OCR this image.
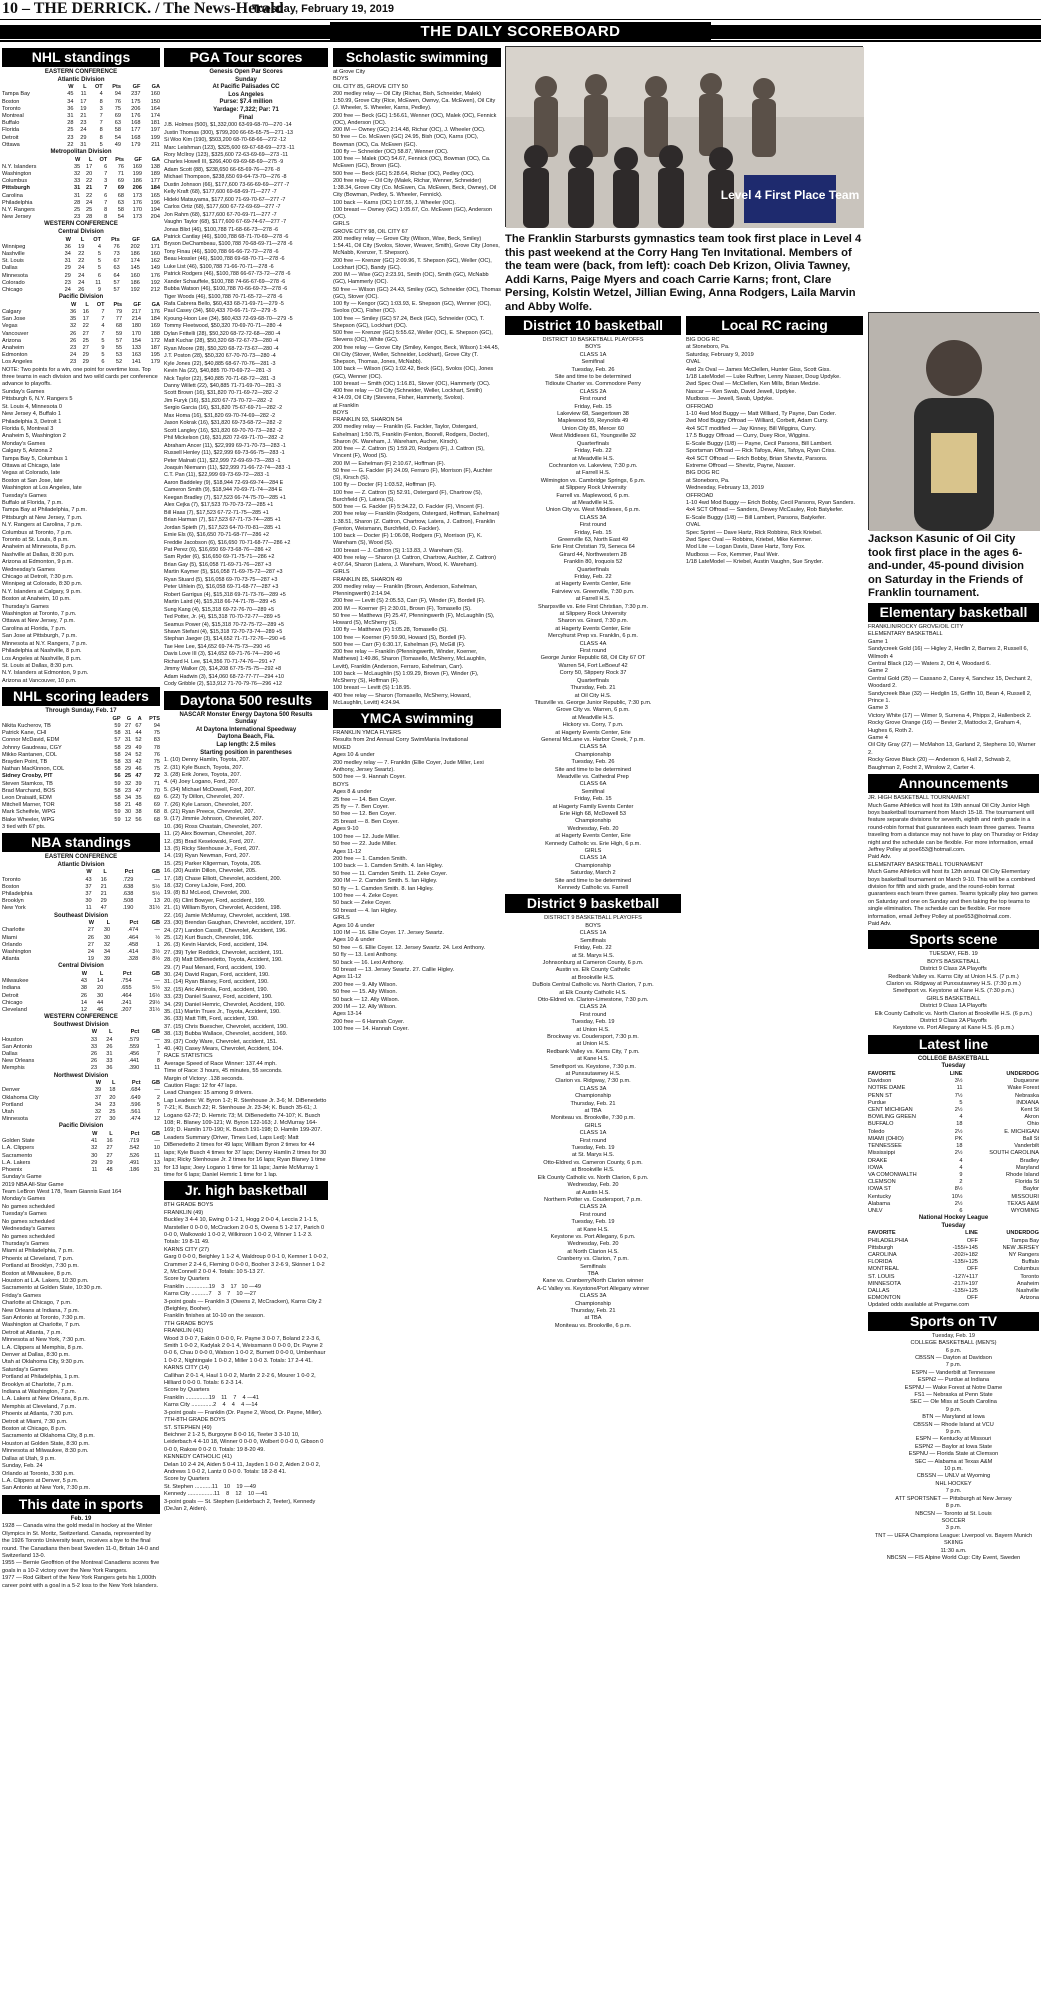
10 – THE DERRICK. / The News-Herald
Tuesday, February 19, 2019
THE DAILY SCOREBOARD
NHL standings
EASTERN CONFERENCE
Atlantic Division
	W	L	OT	Pts	GF	GA
Tampa Bay	45	11	4	94	237	160
Boston	34	17	8	76	175	150
Toronto	36	19	3	75	206	164
Montreal	31	21	7	69	176	174
Buffalo	28	23	7	63	168	181
Florida	25	24	8	58	177	197
Detroit	23	29	8	54	168	199
Ottawa	22	31	5	49	179	211
Metropolitan Division
	W	L	OT	Pts	GF	GA
N.Y. Islanders	35	17	6	76	169	138
Washington	32	20	7	71	199	189
Columbus	33	22	3	69	186	177
Pittsburgh	31	21	7	69	206	184
Carolina	31	22	6	68	173	165
Philadelphia	28	24	7	63	176	196
N.Y. Rangers	25	25	8	58	170	194
New Jersey	23	28	8	54	173	204
WESTERN CONFERENCE
Central Division
	W	L	OT	Pts	GF	GA
Winnipeg	36	19	4	76	202	171
Nashville	34	22	5	73	186	160
St. Louis	31	22	5	67	174	162
Dallas	29	24	5	63	145	149
Minnesota	29	24	6	64	160	176
Colorado	23	24	11	57	186	192
Chicago	24	26	9	57	192	212
Pacific Division
	W	L	OT	Pts	GF	GA
Calgary	36	16	7	79	217	176
San Jose	35	17	7	77	214	184
Vegas	32	22	4	68	180	169
Vancouver	26	27	7	59	170	188
Arizona	26	25	5	57	154	172
Anaheim	23	27	9	55	133	187
Edmonton	24	29	5	53	163	195
Los Angeles	23	29	6	52	141	179
NOTE: Two points for a win, one point for overtime loss. Top three teams in each division and two wild cards per conference advance to playoffs.
Sunday's Games
Pittsburgh 6, N.Y. Rangers 5
St. Louis 4, Minnesota 0
New Jersey 4, Buffalo 1
Philadelphia 3, Detroit 1
Florida 6, Montreal 3
Anaheim 5, Washington 2
Monday's Games
Calgary 5, Arizona 2
Tampa Bay 5, Columbus 1
Ottawa at Chicago, late
Vegas at Colorado, late
Boston at San Jose, late
Washington at Los Angeles, late
Tuesday's Games
Buffalo at Florida, 7 p.m.
Tampa Bay at Philadelphia, 7 p.m.
Pittsburgh at New Jersey, 7 p.m.
N.Y. Rangers at Carolina, 7 p.m.
Columbus at Toronto, 7 p.m.
Toronto at St. Louis, 8 p.m.
Anaheim at Minnesota, 8 p.m.
Nashville at Dallas, 8:30 p.m.
Arizona at Edmonton, 9 p.m.
Wednesday's Games
Chicago at Detroit, 7:30 p.m.
Winnipeg at Colorado, 8:30 p.m.
N.Y. Islanders at Calgary, 9 p.m.
Boston at Anaheim, 10 p.m.
Thursday's Games
Washington at Toronto, 7 p.m.
Ottawa at New Jersey, 7 p.m.
Carolina at Florida, 7 p.m.
San Jose at Pittsburgh, 7 p.m.
Minnesota at N.Y. Rangers, 7 p.m.
Philadelphia at Nashville, 8 p.m.
Los Angeles at Nashville, 8 p.m.
St. Louis at Dallas, 8:30 p.m.
N.Y. Islanders at Edmonton, 9 p.m.
Arizona at Vancouver, 10 p.m.
NHL scoring leaders
Through Sunday, Feb. 17
	GP	G	A	PTS
Nikita Kucherov, TB	59	27	67	94
Patrick Kane, CHI	58	31	44	75
Connor McDavid, EDM	57	31	52	83
Johnny Gaudreau, CGY	58	29	49	78
Mikko Rantanen, COL	58	24	52	76
Brayden Point, TB	58	33	42	75
Nathan MacKinnon, COL	58	29	46	75
Sidney Crosby, PIT	56	25	47	72
Steven Stamkos, TB	59	32	39	71
Brad Marchand, BOS	58	23	47	70
Leon Draisaitl, EDM	58	34	35	69
Mitchell Marner, TOR	58	21	48	69
Mark Scheifele, WPG	59	30	38	68
Blake Wheeler, WPG	59	12	56	68
3 tied with 67 pts.
NBA standings
EASTERN CONFERENCE
Atlantic Division
	W	L	Pct	GB
Toronto	43	16	.729	—
Boston	37	21	.638	5½
Philadelphia	37	21	.638	5½
Brooklyn	30	29	.508	13
New York	11	47	.190	31½
Southeast Division
	W	L	Pct	GB
Charlotte	27	30	.474	—
Miami	26	30	.464	½
Orlando	27	32	.458	1
Washington	24	34	.414	3½
Atlanta	19	39	.328	8½
Central Division
	W	L	Pct	GB
Milwaukee	43	14	.754	—
Indiana	38	20	.655	5½
Detroit	26	30	.464	16½
Chicago	14	44	.241	29½
Cleveland	12	46	.207	31½
WESTERN CONFERENCE
Southwest Division
	W	L	Pct	GB
Houston	33	24	.579	—
San Antonio	33	26	.559	1
Dallas	26	31	.456	7
New Orleans	26	33	.441	8
Memphis	23	36	.390	11
Northwest Division
	W	L	Pct	GB
Denver	39	18	.684	—
Oklahoma City	37	20	.649	2
Portland	34	23	.596	5
Utah	32	25	.561	7
Minnesota	27	30	.474	12
Pacific Division
	W	L	Pct	GB
Golden State	41	16	.719	—
L.A. Clippers	32	27	.542	10
Sacramento	30	27	.526	11
L.A. Lakers	29	29	.491	13
Phoenix	11	48	.186	31
Sunday's Game
2019 NBA All-Star Game
Team LeBron West 178, Team Giannis East 164
Monday's Games
No games scheduled
Tuesday's Games
No games scheduled
Wednesday's Games
No games scheduled
Thursday's Games
Miami at Philadelphia, 7 p.m.
Phoenix at Cleveland, 7 p.m.
Portland at Brooklyn, 7:30 p.m.
Boston at Milwaukee, 8 p.m.
Houston at L.A. Lakers, 10:30 p.m.
Sacramento at Golden State, 10:30 p.m.
Friday's Games
Charlotte at Chicago, 7 p.m.
New Orleans at Indiana, 7 p.m.
San Antonio at Toronto, 7:30 p.m.
Washington at Charlotte, 7 p.m.
Detroit at Atlanta, 7 p.m.
Minnesota at New York, 7:30 p.m.
L.A. Clippers at Memphis, 8 p.m.
Denver at Dallas, 8:30 p.m.
Utah at Oklahoma City, 9:30 p.m.
Saturday's Games
Portland at Philadelphia, 1 p.m.
Brooklyn at Charlotte, 7 p.m.
Indiana at Washington, 7 p.m.
L.A. Lakers at New Orleans, 8 p.m.
Memphis at Cleveland, 7 p.m.
Phoenix at Atlanta, 7:30 p.m.
Detroit at Miami, 7:30 p.m.
Boston at Chicago, 8 p.m.
Sacramento at Oklahoma City, 8 p.m.
Houston at Golden State, 8:30 p.m.
Minnesota at Milwaukee, 8:30 p.m.
Dallas at Utah, 9 p.m.
Sunday, Feb. 24
Orlando at Toronto, 3:30 p.m.
L.A. Clippers at Denver, 5 p.m.
San Antonio at New York, 7:30 p.m.
This date in sports
Feb. 19
1928 — Canada wins the gold medal in hockey at the Winter Olympics in St. Moritz, Switzerland. Canada, represented by the 1926 Toronto University team, receives a bye to the final round. The Canadians then beat Sweden 11-0, Britain 14-0 and Switzerland 13-0.
1955 — Bernie Geoffrion of the Montreal Canadiens scores five goals in a 10-2 victory over the New York Rangers.
1977 — Rod Gilbert of the New York Rangers gets his 1,000th career point with a goal in a 5-2 loss to the New York Islanders.
PGA Tour scores
Genesis Open Par Scores
Sunday
At Pacific Palisades CC
Los Angeles
Purse: $7.4 million
Yardage: 7,322; Par: 71
Final
J.B. Holmes (500), $1,332,000 63-69-68-70—270 -14
Justin Thomas (300), $799,200 66-65-65-75—271 -13
Si Woo Kim (190), $503,200 68-70-68-66—272 -12
Marc Leishman (123), $325,600 69-67-68-69—273 -11
Rory McIlroy (123), $325,600 72-63-69-69—273 -11
Charles Howell III, $266,400 69-69-68-69—275 -9
Adam Scott (88), $238,650 66-65-69-76—276 -8
Michael Thompson, $238,650 69-64-73-70—276 -8
Dustin Johnson (66), $177,600 73-66-69-69—277 -7
Kelly Kraft (68), $177,600 69-68-69-71—277 -7
Hideki Matsuyama, $177,600 71-69-70-67—277 -7
Carlos Ortiz (68), $177,600 67-72-69-69—277 -7
Jon Rahm (68), $177,600 67-70-69-71—277 -7
Vaughn Taylor (68), $177,600 67-69-74-67—277 -7
Jonas Blixt (46), $100,788 71-68-66-73—278 -6
Patrick Cantlay (46), $100,788 68-71-70-69—278 -6
Bryson DeChambeau, $100,788 70-68-69-71—278 -6
Tony Finau (46), $100,788 66-66-72-72—278 -6
Beau Hossler (46), $100,788 69-68-70-71—278 -6
Luke List (46), $100,788 71-66-70-71—278 -6
Patrick Rodgers (46), $100,788 66-67-73-72—278 -6
Xander Schauffele, $100,788 74-66-67-69—278 -6
Bubba Watson (46), $100,788 70-66-69-73—278 -6
Tiger Woods (46), $100,788 70-71-65-72—278 -6
Rafa Cabrera Bello, $60,433 68-71-69-71—279 -5
Paul Casey (34), $60,433 70-66-71-72—279 -5
Kyoung-Hoon Lee (34), $60,433 72-69-68-70—279 -5
Tommy Fleetwood, $50,320 70-69-70-71—280 -4
Dylan Frittelli (28), $50,320 68-72-72-68—280 -4
Matt Kuchar (28), $50,320 68-72-67-73—280 -4
Ryan Moore (28), $50,320 68-72-73-67—280 -4
J.T. Poston (28), $50,320 67-70-70-73—280 -4
Kyle Jones (22), $40,885 68-67-70-76—281 -3
Kevin Na (22), $40,885 70-70-69-72—281 -3
Nick Taylor (22), $40,885 70-71-68-72—281 -3
Danny Willett (22), $40,885 71-71-69-70—281 -3
Scott Brown (16), $31,820 70-71-69-72—282 -2
Jim Furyk (16), $31,820 67-73-70-72—282 -2
Sergio Garcia (16), $31,820 75-67-69-71—282 -2
Max Homa (16), $31,820 69-70-74-69—282 -2
Jason Kokrak (16), $31,820 69-73-68-72—282 -2
Scott Langley (16), $31,820 69-70-70-73—282 -2
Phil Mickelson (16), $31,820 72-69-71-70—282 -2
Abraham Ancer (11), $22,999 69-71-70-73—283 -1
Russell Henley (11), $22,999 69-73-66-75—283 -1
Peter Malnati (11), $22,999 72-69-69-73—283 -1
Joaquin Niemann (11), $22,999 71-66-72-74—283 -1
C.T. Pan (11), $22,999 69-73-69-72—283 -1
Aaron Baddeley (9), $18,944 72-69-69-74—284 E
Cameron Smith (9), $18,944 70-69-71-74—284 E
Keegan Bradley (7), $17,523 66-74-75-70—285 +1
Alex Cejka (7), $17,523 70-70-73-72—285 +1
Bill Haas (7), $17,523 67-72-71-75—285 +1
Brian Harman (7), $17,523 67-71-73-74—285 +1
Jordan Spieth (7), $17,523 64-70-70-81—285 +1
Ernie Els (6), $16,650 70-71-68-77—286 +2
Freddie Jacobson (6), $16,650 70-71-68-77—286 +2
Pat Perez (6), $16,650 69-73-68-76—286 +2
Sam Ryder (6), $16,650 69-71-75-71—286 +2
Brian Gay (5), $16,058 71-69-71-76—287 +3
Martin Kaymer (5), $16,058 71-69-75-72—287 +3
Ryan Stuard (5), $16,058 69-70-73-75—287 +3
Peter Uihlein (5), $16,058 69-71-68-77—287 +3
Robert Garrigus (4), $15,318 69-71-73-76—289 +5
Martin Laird (4), $15,318 66-74-71-78—289 +5
Sung Kang (4), $15,318 69-72-76-70—289 +5
Ted Potter, Jr. (4), $15,318 70-70-72-77—289 +5
Seamus Power (4), $15,318 70-72-75-72—289 +5
Shawn Stefani (4), $15,318 72-70-73-74—289 +5
Stephan Jaeger (3), $14,652 71-71-72-76—290 +6
Tae Hee Lee, $14,652 69-74-75-73—290 +6
Davis Love III (3), $14,652 69-71-76-74—290 +6
Richard H. Lee, $14,356 70-71-74-76—291 +7
Jimmy Walker (3), $14,208 67-75-75-75—292 +8
Adam Hadwin (3), $14,060 68-72-77-77—294 +10
Cody Gribble (2), $13,912 71-70-79-76—296 +12
Daytona 500 results
NASCAR Monster Energy Daytona 500 Results
Sunday
At Daytona International Speedway
Daytona Beach, Fla.
Lap length: 2.5 miles
Starting position in parentheses
1. (10) Denny Hamlin, Toyota, 207.
2. (31) Kyle Busch, Toyota, 207.
3. (28) Erik Jones, Toyota, 207.
4. (4) Joey Logano, Ford, 207.
5. (34) Michael McDowell, Ford, 207.
6. (22) Ty Dillon, Chevrolet, 207.
7. (26) Kyle Larson, Chevrolet, 207.
8. (21) Ryan Preece, Chevrolet, 207.
9. (17) Jimmie Johnson, Chevrolet, 207.
10. (36) Ross Chastain, Chevrolet, 207.
11. (2) Alex Bowman, Chevrolet, 207.
12. (35) Brad Keselowski, Ford, 207.
13. (5) Ricky Stenhouse Jr., Ford, 207.
14. (19) Ryan Newman, Ford, 207.
15. (25) Parker Kligerman, Toyota, 205.
16. (20) Austin Dillon, Chevrolet, 205.
17. (18) Chase Elliott, Chevrolet, accident, 200.
18. (32) Corey LaJoie, Ford, 200.
19. (8) BJ McLeod, Chevrolet, 200.
20. (6) Clint Bowyer, Ford, accident, 199.
21. (1) William Byron, Chevrolet, Accident, 198.
22. (16) Jamie McMurray, Chevrolet, accident, 198.
23. (30) Brendan Gaughan, Chevrolet, accident, 197.
24. (27) Landon Cassill, Chevrolet, Accident, 196.
25. (12) Kurt Busch, Chevrolet, 196.
26. (3) Kevin Harvick, Ford, accident, 194.
27. (39) Tyler Reddick, Chevrolet, accident, 191.
28. (9) Matt DiBenedetto, Toyota, Accident, 190.
29. (7) Paul Menard, Ford, accident, 190.
30. (24) David Ragan, Ford, accident, 190.
31. (14) Ryan Blaney, Ford, accident, 190.
32. (15) Aric Almirola, Ford, accident, 190.
33. (23) Daniel Suarez, Ford, accident, 190.
34. (29) Daniel Hemric, Chevrolet, Accident, 190.
35. (11) Martin Truex Jr., Toyota, Accident, 190.
36. (33) Matt Tifft, Ford, accident, 190.
37. (15) Chris Buescher, Chevrolet, accident, 190.
38. (13) Bubba Wallace, Chevrolet, accident, 169.
39. (37) Cody Ware, Chevrolet, accident, 151.
40. (40) Casey Mears, Chevrolet, Accident, 104.
RACE STATISTICS
Average Speed of Race Winner: 137.44 mph.
Time of Race: 3 hours, 45 minutes, 55 seconds.
Margin of Victory: .138 seconds.
Caution Flags: 12 for 47 laps.
Lead Changes: 15 among 9 drivers.
Lap Leaders: W. Byron 1-2; R. Stenhouse Jr. 3-6; M. DiBenedetto 7-21; K. Busch 22; R. Stenhouse Jr. 23-34; K. Busch 35-61; J. Logano 62-72; D. Hemric 73; M. DiBenedetto 74-107; K. Busch 108; R. Blaney 109-121; W. Byron 122-163; J. McMurray 164-169; D. Hamlin 170-190; K. Busch 191-198; D. Hamlin 199-207.
Leaders Summary (Driver, Times Led, Laps Led): Matt DiBenedetto 2 times for 49 laps; William Byron 2 times for 44 laps; Kyle Busch 4 times for 37 laps; Denny Hamlin 2 times for 30 laps; Ricky Stenhouse Jr. 2 times for 16 laps; Ryan Blaney 1 time for 13 laps; Joey Logano 1 time for 11 laps; Jamie McMurray 1 time for 6 laps; Daniel Hemric 1 time for 1 lap.
Jr. high basketball
8TH GRADE BOYS
FRANKLIN (49)
Buckley 3 4-4 10, Ewing 0 1-2 1, Hogg 2 0-0 4, Leccia 2 1-1 5, Marsteller 0 0-0 0, McCracken 2 0-0 5, Owens 5 1-2 17, Parich 0 0-0 0, Walkowski 1 0-0 2, Wilkinson 1 0-0 2, Winner 1 1-2 3. Totals: 19 8-11 49.
KARNS CITY (27)
Garg 0 0-0 0, Beighley 1 1-2 4, Waldroup 0 0-1 0, Kemner 1 0-0 2, Crammer 2 2-4 6, Fleming 0 0-0 0, Booher 3 2-6 9, Skinner 1 0-2 2, McConnell 2 0-0 4. Totals: 10 5-13 27.
Score by Quarters
Franklin ...............19    3    17   10 —49
Karns City ...........7    3    7    10 —27
3-point goals — Franklin 3 (Owens 2, McCracken), Karns City 2 (Beighley, Booher).
Franklin finishes at 10-10 on the season.
7TH GRADE BOYS
FRANKLIN (41)
Wood 3 0-0 7, Eakin 0 0-0 0, Fr. Payne 3 0-0 7, Boland 2 2-3 6, Smith 1 0-0 2, Kadylak 2 0-1 4, Weissmann 0 0-0 0, Dr. Payne 2 0-0 6, Chau 0 0-0 0, Watson 1 0-0 2, Burnett 0 0-0 0, Umbenhaur 1 0-0 2, Nightingale 1 0-0 2, Miller 1 0-0 3. Totals: 17 2-4 41.
KARNS CITY (14)
Callihan 2 0-1 4, Haul 1 0-0 2, Martin 2 2-2 6, Mourer 1 0-0 2, Hilliard 0 0-0 0. Totals: 6 2-3 14.
Score by Quarters
Franklin ...............19    11    7    4 —41
Karns City ..............2    4    4    4 —14
3-point goals — Franklin (Dr. Payne 2, Wood, Dr. Payne, Miller).
7TH-8TH GRADE BOYS
ST. STEPHEN (49)
Beichner 2 1-2 5, Burgoyne 8 0-0 16, Teeter 3 3-10 10, Leiderbach 4 4-10 18, Winner 0 0-0 0, Wolbert 0 0-0 0, Gibson 0 0-0 0, Rakow 0 0-2 0. Totals: 19 8-20 49.
KENNEDY CATHOLIC (41)
Delan 10 2-4 24, Aiden 5 0-4 11, Jayden 1 0-0 2, Aiden 2 0-0 2, Andrews 1 0-0 2, Lantz 0 0-0 0. Totals: 18 2-8 41.
Score by Quarters
St. Stephen ...........11    10    19 —49
Kennedy .................11    8    12    10 —41
3-point goals — St. Stephen (Leiderbach 2, Teeter), Kennedy (DeJan 2, Aiden).
Scholastic swimming
at Grove City
BOYS
OIL CITY 85, GROVE CITY 50
200 medley relay — Oil City (Richar, Bish, Schneider, Malek) 1:50.99, Grove City (Rice, McEwen, Ownvy, Ca. McEwen), Oil City (J. Wheeler, S. Wheeler, Karns, Pedley).
200 free — Beck (GC) 1:56.61, Wenner (OC), Malek (OC), Fennick (OC), Anderson (OC).
200 IM — Owney (GC) 2:14.48, Richar (OC), J. Wheeler (OC).
50 free — Co. McEwen (GC) 24.95, Bish (OC), Karns (OC), Bowman (OC), Ca. McEwen (GC).
100 fly — Schneider (OC) 58.87, Wenner (OC).
100 free — Malek (OC) 54.67, Fennick (OC), Bowman (OC), Ca. McEwen (GC), Brown (GC).
500 free — Beck (GC) 5:28.64, Richar (OC), Pedley (OC).
200 free relay — Oil City (Malek, Richar, Wenner, Schneider) 1:38.34, Grove City (Co. McEwen, Ca. McEwen, Beck, Owney), Oil City (Bowman, Pedley, S. Wheeler, Fennick).
100 back — Karns (OC) 1:07.55, J. Wheeler (OC).
100 breast — Owney (GC) 1:05.67, Co. McEwen (GC), Anderson (OC).
GIRLS
GROVE CITY 98, OIL CITY 67
200 medley relay — Grove City (Wilson, Wise, Beck, Smiley) 1:54.41, Oil City (Svolos, Stover, Weaver, Smith), Grove City (Jones, McNabb, Krenzer, T. Shepson).
200 free — Krenzer (GC) 2:09.96, T. Shepson (GC), Weller (OC), Lockhart (OC), Bandy (GC).
200 IM — Wise (GC) 2:23.91, Smith (OC), Smith (GC), McNabb (GC), Hammerly (OC).
50 free — Wilson (GC) 24.43, Smiley (GC), Schneider (OC), Thomas (GC), Stover (OC).
100 fly — Kengor (GC) 1:03.93, E. Shepson (GC), Wenner (OC), Svolos (OC), Fisher (OC).
100 free — Smiley (GC) 57.24, Beck (GC), Schneider (OC), T. Shepson (GC), Lockhart (OC).
500 free — Krenzer (GC) 5:55.62, Weller (OC), E. Shepson (GC), Stevens (OC), White (GC).
200 free relay — Grove City (Smiley, Kengor, Beck, Wilson) 1:44.45, Oil City (Stover, Weller, Schneider, Lockhart), Grove City (T. Shepson, Thomas, Jones, McNabb).
100 back — Wilson (GC) 1:02.42, Beck (GC), Svolos (OC), Jones (GC), Wenner (OC).
100 breast — Smith (OC) 1:16.81, Stover (OC), Hammerly (OC).
400 free relay — Oil City (Schneider, Weller, Lockhart, Smith) 4:14.09, Oil City (Stevens, Fisher, Hammerly, Svolos).
at Franklin
BOYS
FRANKLIN 93, SHARON 54
200 medley relay — Franklin (G. Fackler, Taylor, Ostergard, Eshelman) 1:50.75, Franklin (Fenton, Boorell, Rodgers, Docter), Sharon (K. Wareham, J. Wareham, Aucher, Kirsch).
200 free — Z. Cattron (S) 1:59.20, Rodgers (F), J. Cattron (S), Vincent (F), Wood (S).
200 IM — Eshelman (F) 2:10.67, Hoffman (F).
50 free — G. Fackler (F) 24.09, Ferraro (F), Morrison (F), Auchter (S), Kirsch (S).
100 fly — Docter (F) 1:03.52, Hoffman (F).
100 free — Z. Cattron (S) 52.91, Ostergard (F), Chartrow (S), Burchfield (F), Latera (S).
500 free — G. Fackler (F) 5:34.22, O. Fackler (F), Vincent (F).
200 free relay — Franklin (Rodgers, Ostergard, Hoffman, Eshelman) 1:38.51, Sharon (Z. Cattron, Chartrow, Latera, J. Cattron), Franklin (Fenton, Weismann, Burchfield, O. Fackler).
100 back — Docter (F) 1:06.08, Rodgers (F), Morrison (F), K. Wareham (S), Wood (S).
100 breast — J. Cattron (S) 1:13.83, J. Wareham (S).
400 free relay — Sharon (J. Cattron, Chartrow, Auchter, Z. Cattron) 4:07.64, Sharon (Latera, J. Wareham, Wood, K. Wareham).
GIRLS
FRANKLIN 85, SHARON 49
200 medley relay — Franklin (Brown, Anderson, Eshelman, Pfenningwerth) 2:14.94.
200 free — Levitt (S) 2:05.53, Carr (F), Winder (F), Bordell (F).
200 IM — Koerner (F) 2:30.01, Brown (F), Tomasello (S).
50 free — Matthews (F) 25.47, Pfenningwerth (F), McLaughlin (S), Howard (S), McSherry (S).
100 fly — Matthews (F) 1:05.28, Tomasello (S).
100 free — Koerner (F) 59.90, Howard (S), Bordell (F).
500 free — Carr (F) 6:30.17, Eshelman (F), McGill (F).
200 free relay — Franklin (Pfenningwerth, Winder, Koerner, Matthews) 1:49.86, Sharon (Tomasello, McSherry, McLaughlin, Levitt), Franklin (Anderson, Ferraro, Eshelman, Carr).
100 back — McLaughlin (S) 1:09.29, Brown (F), Winder (F), McSherry (S), Hoffman (F).
100 breast — Levitt (S) 1:18.95.
400 free relay — Sharon (Tomasello, McSherry, Howard, McLaughlin, Levitt) 4:24.94.
YMCA swimming
FRANKLIN YMCA FLYERS
Results from 2nd Annual Corry SwimMania Invitational
MIXED
Ages 10 & under
200 medley relay — 7. Franklin (Ellie Coyer, Jude Miller, Lexi Anthony, Jersey Swartz).
500 free — 9. Hannah Coyer.
BOYS
Ages 8 & under
25 free — 14. Ben Coyer.
25 fly — 7. Ben Coyer.
50 free — 12. Ben Coyer.
25 breast — 8. Ben Coyer.
Ages 9-10
100 free — 12. Jude Miller.
50 free — 22. Jude Miller.
Ages 11-12
200 free — 1. Camden Smith.
100 back — 1. Camden Smith. 4. Ian Higley.
50 free — 11. Camden Smith. 11. Zeke Coyer.
200 IM — 2. Camden Smith. 5. Ian Higley.
50 fly — 1. Camden Smith. 8. Ian Higley.
100 free — 4. Zeke Coyer.
50 back — Zeke Coyer.
50 breast — 4. Ian Higley.
GIRLS
Ages 10 & under
100 IM — 16. Ellie Coyer. 17. Jersey Swartz.
Ages 10 & under
50 free — 6. Ellie Coyer. 12. Jersey Swartz. 24. Lexi Anthony.
50 fly — 13. Lexi Anthony.
50 back — 16. Lexi Anthony.
50 breast — 13. Jersey Swartz. 27. Callie Higley.
Ages 11-12
200 free — 9. Ally Wilson.
50 free — 15. Ally Wilson.
50 back — 12. Ally Wilson.
200 IM — 12. Ally Wilson.
Ages 13-14
200 free — 6 Hannah Coyer.
100 free — 14. Hannah Coyer.
Level 4 First Place Team
The Franklin Starbursts gymnastics team took first place in Level 4 this past weekend at the Corry Hang Ten Invitational. Members of the team were (back, from left): coach Deb Krizon, Olivia Tawney, Addi Karns, Paige Myers and coach Carrie Karns; front, Clare Persing, Kolstin Wetzel, Jillian Ewing, Anna Rodgers, Laila Marvin and Abby Wolfe.
District 10 basketball
DISTRICT 10 BASKETBALL PLAYOFFS
BOYS
CLASS 1A
Semifinal
Tuesday, Feb. 26
Site and time to be determined
Tidioute Charter vs. Commodore Perry
CLASS 2A
First round
Friday, Feb. 15
Lakeview 68, Saegertown 38
Maplewood 59, Reynolds 49
Union City 85, Mercer 60
West Middlesex 61, Youngsville 32
Quarterfinals
Friday, Feb. 22
at Meadville H.S.
Cochranton vs. Lakeview, 7:30 p.m.
at Farrell H.S.
Wilmington vs. Cambridge Springs, 6 p.m.
at Slippery Rock University
Farrell vs. Maplewood, 6 p.m.
at Meadville H.S.
Union City vs. West Middlesex, 6 p.m.
CLASS 3A
First round
Friday, Feb. 15
Greenville 63, North East 49
Erie First Christian 79, Seneca 64
Girard 44, Northwestern 28
Franklin 80, Iroquois 52
Quarterfinals
Friday, Feb. 22
at Hagerty Events Center, Erie
Fairview vs. Greenville, 7:30 p.m.
at Farrell H.S.
Sharpsville vs. Erie First Christian, 7:30 p.m.
at Slippery Rock University
Sharon vs. Girard, 7:30 p.m.
at Hagerty Events Center, Erie
Mercyhurst Prep vs. Franklin, 6 p.m.
CLASS 4A
First round
George Junior Republic 68, Oil City 67 OT
Warren 54, Fort LeBoeuf 42
Corry 50, Slippery Rock 37
Quarterfinals
Thursday, Feb. 21
at Oil City H.S.
Titusville vs. George Junior Republic, 7:30 p.m.
Grove City vs. Warren, 6 p.m.
at Meadville H.S.
Hickory vs. Corry, 7 p.m.
at Hagerty Events Center, Erie
General McLane vs. Harbor Creek, 7 p.m.
CLASS 5A
Championship
Tuesday, Feb. 26
Site and time to be determined
Meadville vs. Cathedral Prep
CLASS 6A
Semifinal
Friday, Feb. 15
at Hagerty Family Events Center
Erie High 68, McDowell 53
Championship
Wednesday, Feb. 20
at Hagerty Events Center, Erie
Kennedy Catholic vs. Erie High, 6 p.m.
GIRLS
CLASS 1A
Championship
Saturday, March 2
Site and time to be determined
Kennedy Catholic vs. Farrell
District 9 basketball
DISTRICT 9 BASKETBALL PLAYOFFS
BOYS
CLASS 1A
Semifinals
Friday, Feb. 22
at St. Marys H.S.
Johnsonburg at Cameron County, 6 p.m.
Austin vs. Elk County Catholic
at Brookville H.S.
DuBois Central Catholic vs. North Clarion, 7 p.m.
at Elk County Catholic H.S.
Otto-Eldred vs. Clarion-Limestone, 7:30 p.m.
CLASS 2A
First round
Tuesday, Feb. 19
at Union H.S.
Brockway vs. Coudersport, 7:30 p.m.
at Union H.S.
Redbank Valley vs. Karns City, 7 p.m.
at Kane H.S.
Smethport vs. Keystone, 7:30 p.m.
at Punxsutawney H.S.
Clarion vs. Ridgway, 7:30 p.m.
CLASS 3A
Championship
Thursday, Feb. 21
at TBA
Moniteau vs. Brookville, 7:30 p.m.
GIRLS
CLASS 1A
First round
Tuesday, Feb. 19
at St. Marys H.S.
Otto-Eldred vs. Cameron County, 6 p.m.
at Brookville H.S.
Elk County Catholic vs. North Clarion, 6 p.m.
Wednesday, Feb. 20
at Austin H.S.
Northern Potter vs. Coudersport, 7 p.m.
CLASS 2A
First round
Tuesday, Feb. 19
at Kane H.S.
Keystone vs. Port Allegany, 6 p.m.
Wednesday, Feb. 20
at North Clarion H.S.
Cranberry vs. Clarion, 7 p.m.
Semifinals
TBA
Kane vs. Cranberry/North Clarion winner
A-C Valley vs. Keystone/Port Allegany winner
CLASS 3A
Championship
Thursday, Feb. 21
at TBA
Moniteau vs. Brookville, 6 p.m.
Jackson Kasunic of Oil City took first place in the ages 6-and-under, 45-pound division on Saturday in the Friends of Franklin tournament.
Elementary basketball
FRANKLIN/ROCKY GROVE/OIL CITY
ELEMENTARY BASKETBALL
Game 1
Sandycreek Gold (16) — Higley 2, Hedlin 2, Barnes 2, Russell 6, Wilmoth 4
Central Black (12) — Waters 2, Ott 4, Woodard 6.
Game 2
Central Gold (25) — Cassano 2, Carey 4, Sanchez 15, Dechant 2, Woodard 2.
Sandycreek Blue (32) — Hedglin 15, Griffin 10, Bean 4, Russell 2, Prince 1.
Game 3
Victory White (17) — Wimer 9, Surrena 4, Phipps 2, Hallenbeck 2.
Rocky Grove Orange (16) — Bevier 2, Mattocks 2, Graham 4, Hughes 6, Roth 2.
Game 4
Oil City Gray (27) — McMahon 13, Garland 2, Stephens 10, Warner 2.
Rocky Grove Black (20) — Anderson 6, Hall 2, Schwab 2, Baughman 2, Focht 2, Winslow 2, Carter 4.
Announcements
JR. HIGH BASKETBALL TOURNAMENT
Much Game Athletics will host its 19th annual Oil City Junior High boys basketball tournament from March 15-18. The tournament will feature separate divisions for seventh, eighth and ninth grade in a round-robin format that guarantees each team three games. Teams traveling from a distance may not have to play on Thursday or Friday night and the schedule can be flexible. For more information, email Jeffrey Polley at poe653@hotmail.com.
Paid Adv.
ELEMENTARY BASKETBALL TOURNAMENT
Much Game Athletics will host its 12th annual Oil City Elementary boys basketball tournament on March 9-10. This will be a combined division for fifth and sixth grade, and the round-robin format guarantees each team three games. Teams typically play two games on Saturday and one on Sunday and then taking the top teams to single elimination. The schedule can be flexible. For more information, email Jeffrey Polley at poe653@hotmail.com.
Paid Adv.
Sports scene
TUESDAY, FEB. 19
BOYS BASKETBALL
District 9 Class 2A Playoffs
Redbank Valley vs. Karns City at Union H.S. (7 p.m.)
Clarion vs. Ridgway at Punxsutawney H.S. (7:30 p.m.)
Smethport vs. Keystone at Kane H.S. (7:30 p.m.)
GIRLS BASKETBALL
District 9 Class 1A Playoffs
Elk County Catholic vs. North Clarion at Brookville H.S. (6 p.m.)
District 9 Class 2A Playoffs
Keystone vs. Port Allegany at Kane H.S. (6 p.m.)
Latest line
COLLEGE BASKETBALL
Tuesday
FAVORITE	LINE	UNDERDOG
Davidson	3½	Duquesne
NOTRE DAME	11	Wake Forest
PENN ST	7½	Nebraska
Purdue	5	INDIANA
CENT MICHIGAN	2½	Kent St
BOWLING GREEN	4	Akron
BUFFALO	18	Ohio
Toledo	2½	E. MICHIGAN
MIAMI (OHIO)	PK	Ball St
TENNESSEE	18	Vanderbilt
Mississippi	2½	SOUTH CAROLINA
DRAKE	4	Bradley
IOWA	4	Maryland
VA COMONWALTH	9	Rhode Island
CLEMSON	2	Florida St
IOWA ST	8½	Baylor
Kentucky	10½	MISSOURI
Alabama	2½	TEXAS A&M
UNLV	6	WYOMING
National Hockey League
Tuesday
FAVORITE	LINE	UNDERDOG
PHILADELPHIA	OFF	Tampa Bay
Pittsburgh	-155/+145	NEW JERSEY
CAROLINA	-202/+182	NY Rangers
FLORIDA	-135/+125	Buffalo
MONTREAL	OFF	Columbus
ST. LOUIS	-127/+117	Toronto
MINNESOTA	-217/+197	Anaheim
DALLAS	-135/+125	Nashville
EDMONTON	OFF	Arizona
Updated odds available at Pregame.com
Sports on TV
Tuesday, Feb. 19
COLLEGE BASKETBALL (MEN'S)
6 p.m.
CBSSN — Dayton at Davidson
7 p.m.
ESPN — Vanderbilt at Tennessee
ESPN2 — Purdue at Indiana
ESPNU — Wake Forest at Notre Dame
FS1 — Nebraska at Penn State
SEC — Ole Miss at South Carolina
9 p.m.
BTN — Maryland at Iowa
CBSSN — Rhode Island at VCU
9 p.m.
ESPN — Kentucky at Missouri
ESPN2 — Baylor at Iowa State
ESPNU — Florida State at Clemson
SEC — Alabama at Texas A&M
10 p.m.
CBSSN — UNLV at Wyoming
NHL HOCKEY
7 p.m.
ATT SPORTSNET — Pittsburgh at New Jersey
8 p.m.
NBCSN — Toronto at St. Louis
SOCCER
3 p.m.
TNT — UEFA Champions League: Liverpool vs. Bayern Munich
SKIING
11:30 a.m.
NBCSN — FIS Alpine World Cup: City Event, Sweden
Local RC racing
BIG DOG RC
at Stoneboro, Pa.
Saturday, February 9, 2019
OVAL
4wd 2s Oval — James McClellen, Hunter Giss, Scott Giss.
1/18 LateModel — Luke Ruffner, Lenny Nasser, Doug Updyke.
2wd Spec Oval — McClellen, Ken Mills, Brian Medzie.
Nascar — Ken Swab, David Jewell, Updyke.
Mudboss — Jewell, Swab, Updyke.
OFFROAD
1-10 4wd Mod Buggy — Matt Williard, Ty Payne, Dan Coder.
2wd Mod Buggy Offroad — Williard, Corbett, Adam Curry.
4x4 SCT modified — Jay Kinney, Bill Wiggins, Curry.
17.5 Buggy Offroad — Curry, Duey Rice, Wiggins.
E-Scale Buggy (1/8) — Payne, Cecil Parsons, Bill Lambert.
Sportsman Offroad — Rick Tafoya, Alex, Tafoya, Ryan Criss.
4x4 SCT Offroad — Erich Bobby, Brian Shevitz, Parsons.
Extreme Offroad — Shevitz, Payne, Nasser.
BIG DOG RC
at Stoneboro, Pa.
Wednesday, February 13, 2019
OFFROAD
1-10 4wd Mod Buggy — Erich Bobby, Cecil Parsons, Ryan Sanders.
4x4 SCT Offroad — Sanders, Dewey McCauley, Rob Batykefer.
E-Scale Buggy (1/8) — Bill Lambert, Parsons, Batykefer.
OVAL
Spec Sprint — Dave Hartz, Rick Robbins, Rick Kriebel.
2wd Spec Oval — Robbins, Kriebel, Mike Kemmer.
Mod Lite — Logan Davis, Dave Hartz, Tony Fox.
Mudboss — Fox, Kemmer, Paul Weir.
1/18 LateModel — Kriebel, Austin Vaughn, Sue Snyder.
